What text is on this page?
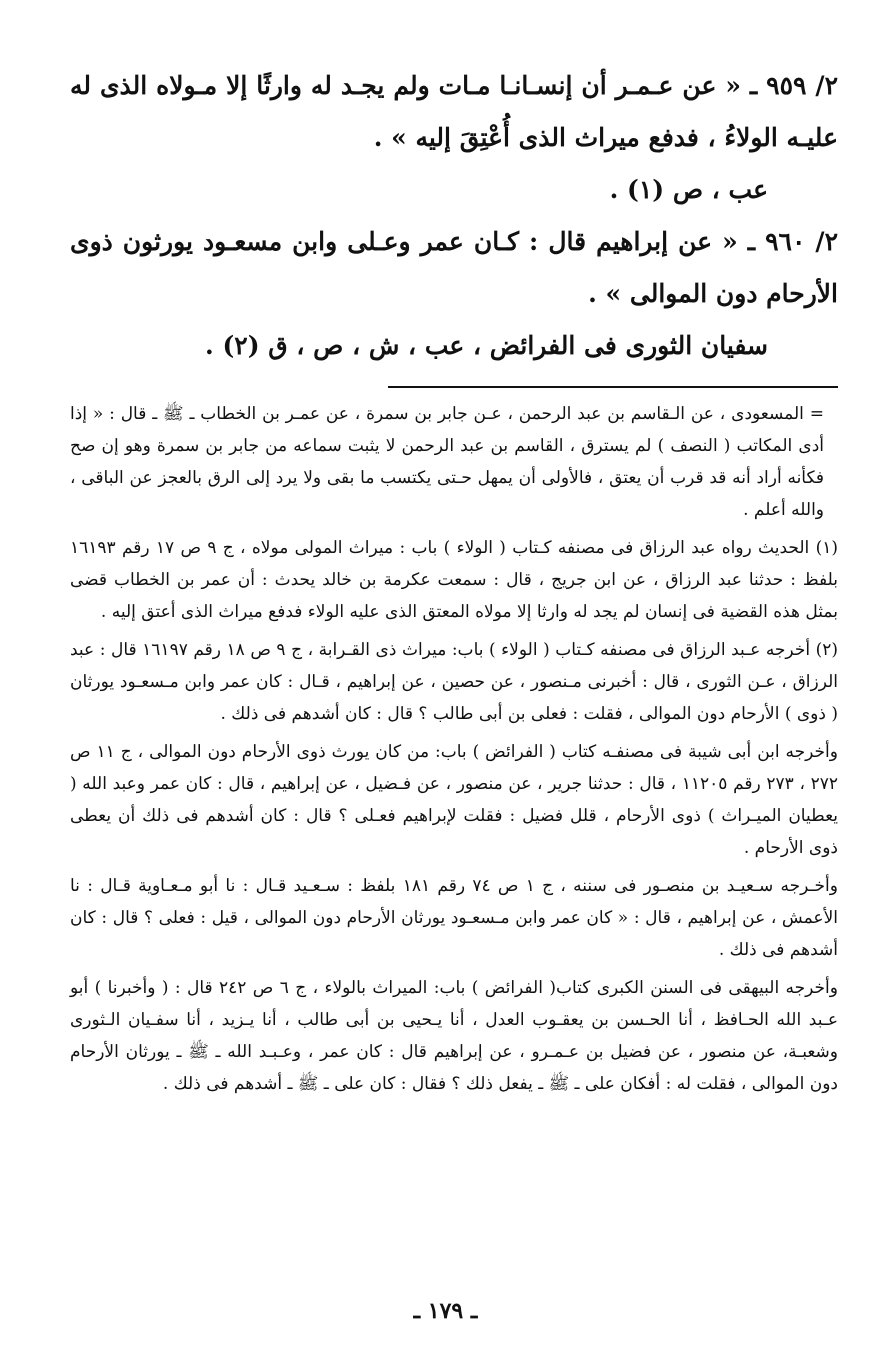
٢/ ٩٥٩ ـ « عن عـمـر أن إنسـانـا مـات ولم يجـد له وارثًا إلا مـولاه الذى له عليـه الولاءُ ، فدفع ميراث الذى أُعْتِقَ إليه » .

عب ، ص (١) .

٢/ ٩٦٠ ـ « عن إبراهيم قال : كـان عمر وعـلى وابن مسعـود يورثون ذوى الأرحام دون الموالى » .

سفيان الثورى فى الفرائض ، عب ، ش ، ص ، ق (٢) .

= المسعودى ، عن الـقاسم بن عبد الرحمن ، عـن جابر بن سمرة ، عن عمـر بن الخطاب ـ ﷺ ـ قال : « إذا أدى المكاتب ( النصف ) لم يسترق ، القاسم بن عبد الرحمن لا يثبت سماعه من جابر بن سمرة وهو إن صح فكأنه أراد أنه قد قرب أن يعتق ، فالأولى أن يمهل حـتى يكتسب ما بقى ولا يرد إلى الرق بالعجز عن الباقى ، والله أعلم .

(١) الحديث رواه عبد الرزاق فى مصنفه كـتاب ( الولاء ) باب : ميراث المولى مولاه ، ج ٩ ص ١٧ رقم ١٦١٩٣ بلفظ : حدثنا عبد الرزاق ، عن ابن جريج ، قال : سمعت عكرمة بن خالد يحدث : أن عمر بن الخطاب قضى بمثل هذه القضية فى إنسان لم يجد له وارثا إلا مولاه المعتق الذى عليه الولاء فدفع ميراث الذى أعتق إليه .

(٢) أخرجه عـبد الرزاق فى مصنفه كـتاب ( الولاء ) باب: ميراث ذى القـرابة ، ج ٩ ص ١٨ رقم ١٦١٩٧ قال : عبد الرزاق ، عـن الثورى ، قال : أخبرنى مـنصور ، عن حصين ، عن إبراهيم ، قـال : كان عمر وابن مـسعـود يورثان ( ذوى ) الأرحام دون الموالى ، فقلت : فعلى بن أبى طالب ؟ قال : كان أشدهم فى ذلك .

وأخرجه ابن أبى شيبة فى مصنفـه كتاب ( الفرائض ) باب: من كان يورث ذوى الأرحام دون الموالى ، ج ١١ ص ٢٧٢ ، ٢٧٣ رقم ١١٢٠٥ ، قال : حدثنا جرير ، عن منصور ، عن فـضيل ، عن إبراهيم ، قال : كان عمر وعبد الله ( يعطيان الميـراث ) ذوى الأرحام ، قلل فضيل : فقلت لإبراهيم فعـلى ؟ قال : كان أشدهم فى ذلك أن يعطى ذوى الأرحام .

وأخـرجه سـعيـد بن منصـور فى سننه ، ج ١ ص ٧٤ رقم ١٨١ بلفظ : سـعـيد قـال : نا أبو مـعـاوية قـال : نا الأعمش ، عن إبراهيم ، قال : « كان عمر وابن مـسعـود يورثان الأرحام دون الموالى ، قيل : فعلى ؟ قال : كان أشدهم فى ذلك .

وأخرجه البيهقى فى السنن الكبرى كتاب( الفرائض ) باب: الميراث بالولاء ، ج ٦ ص ٢٤٢ قال : ( وأخبرنا ) أبو عـبد الله الحـافظ ، أنا الحـسن بن يعقـوب العدل ، أنا يـحيى بن أبى طالب ، أنا يـزيد ، أنا سفـيان الـثورى وشعبـة، عن منصور ، عن فضيل بن عـمـرو ، عن إبراهيم قال : كان عمر ، وعـبـد الله ـ ﷺ ـ يورثان الأرحام دون الموالى ، فقلت له : أفكان على ـ ﷺ ـ يفعل ذلك ؟ فقال : كان على ـ ﷺ ـ أشدهم فى ذلك .

ـ ١٧٩ ـ
